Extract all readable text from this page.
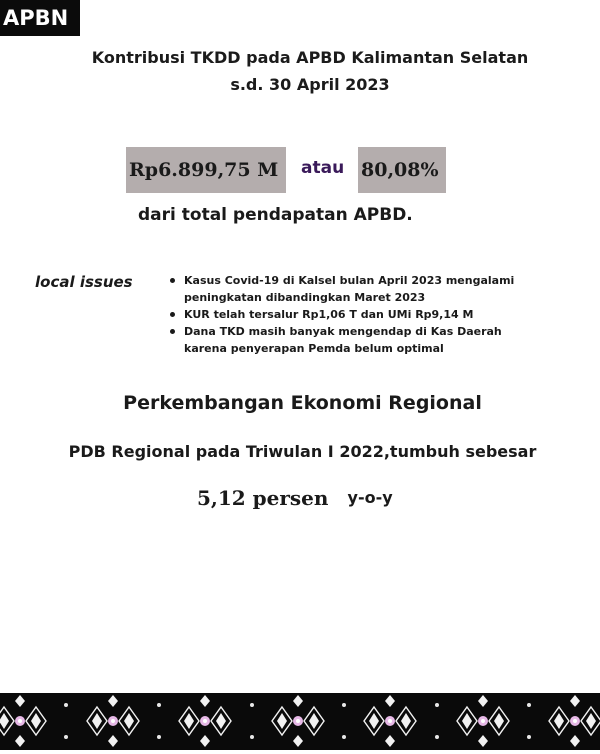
APBN
Kontribusi TKDD pada APBD Kalimantan Selatan
s.d. 30 April 2023
Rp6.899,75 M	atau 80,08%
dari total pendapatan APBD.
local issues	Kasus Covid-19 di Kalsel bulan April 2023 mengalami peningkatan dibandingkan Maret 2023
KUR telah tersalur Rp1,06 T dan UMi Rp9,14 M
Dana TKD masih banyak mengendap di Kas Daerah karena penyerapan Pemda belum optimal
Perkembangan Ekonomi Regional
PDB Regional pada Triwulan I 2022,tumbuh sebesar
5,12 persen y-o-y
